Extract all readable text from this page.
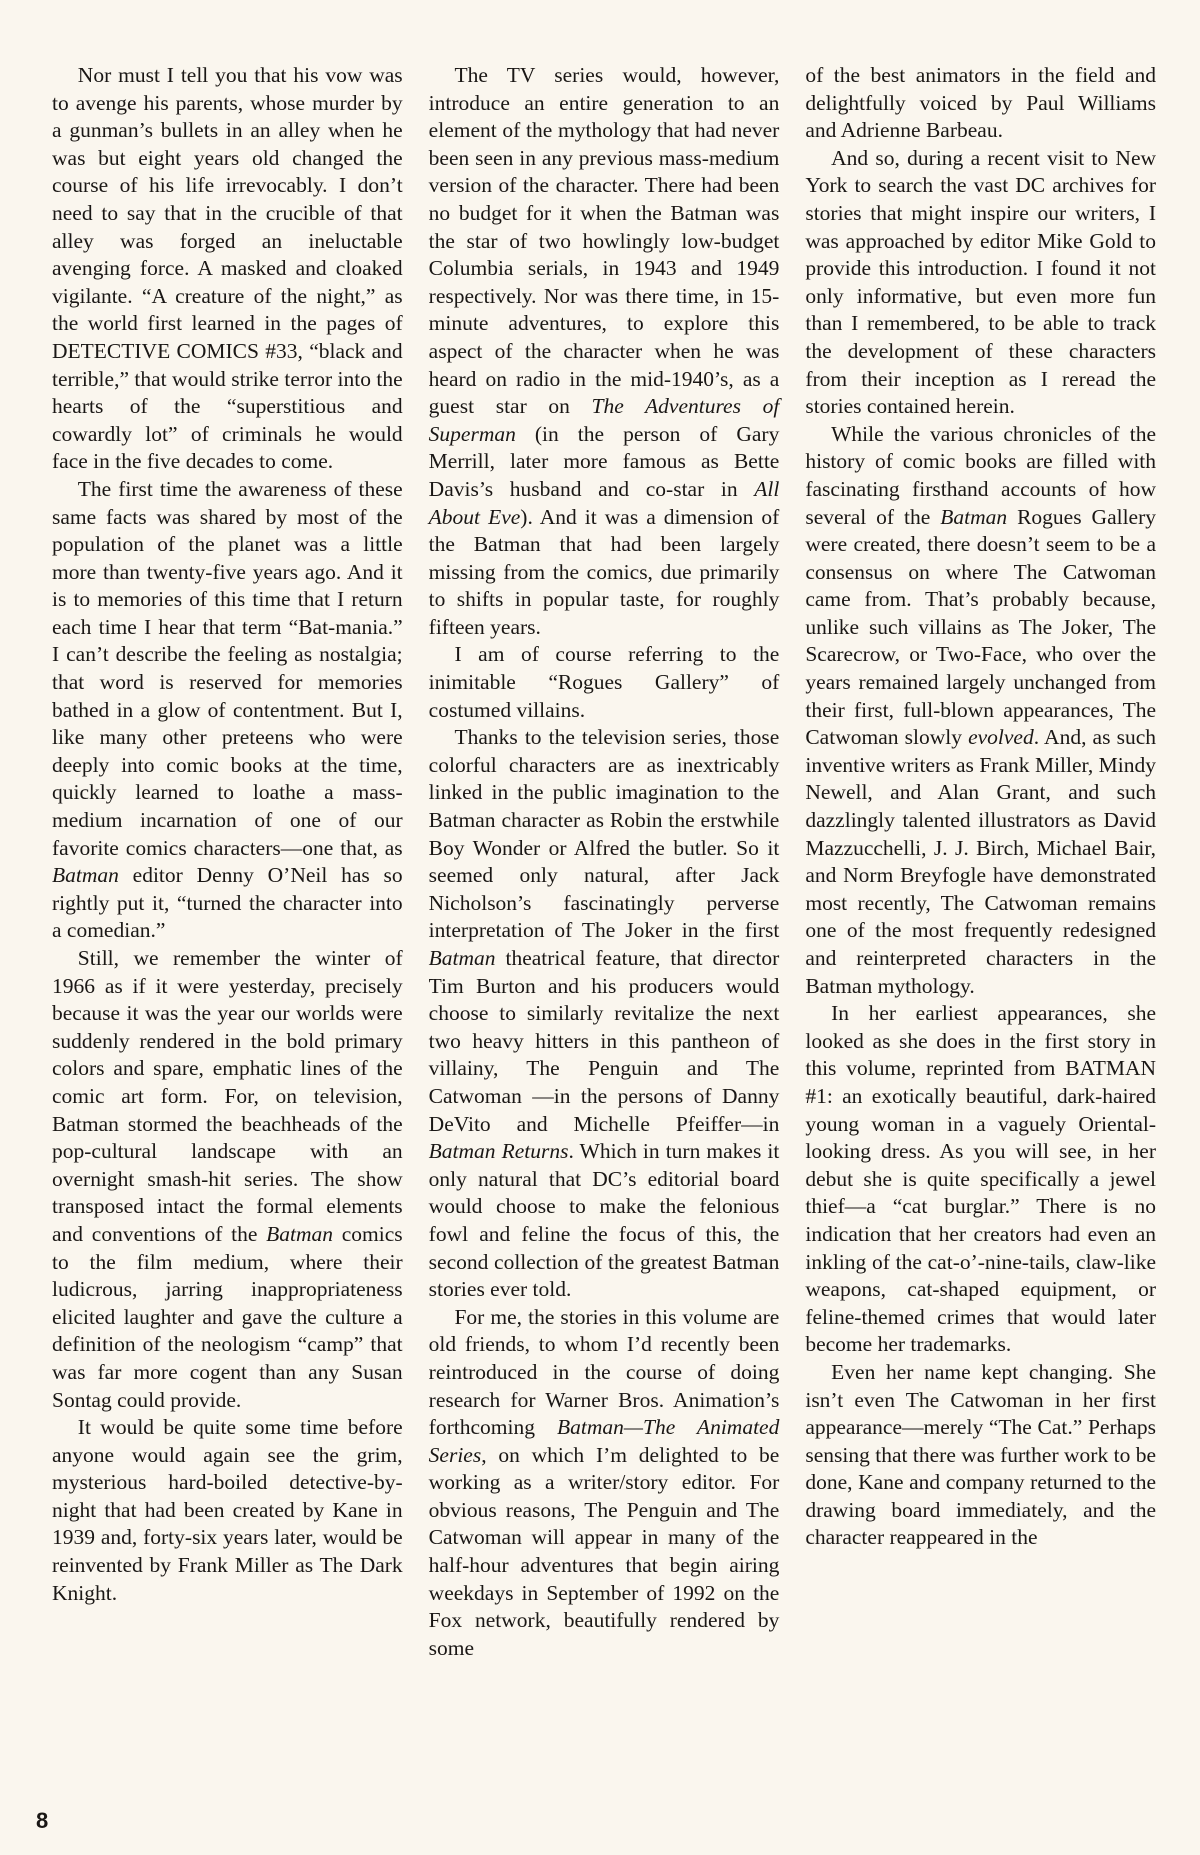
Nor must I tell you that his vow was to avenge his parents, whose murder by a gunman’s bullets in an alley when he was but eight years old changed the course of his life irrevocably. I don’t need to say that in the crucible of that alley was forged an ineluctable avenging force. A masked and cloaked vigilante. “A creature of the night,” as the world first learned in the pages of DETECTIVE COMICS #33, “black and terrible,” that would strike terror into the hearts of the “superstitious and cowardly lot” of criminals he would face in the five decades to come.

The first time the awareness of these same facts was shared by most of the population of the planet was a little more than twenty-five years ago. And it is to memories of this time that I return each time I hear that term “Bat-mania.” I can’t describe the feeling as nostalgia; that word is reserved for memories bathed in a glow of contentment. But I, like many other preteens who were deeply into comic books at the time, quickly learned to loathe a mass-medium incarnation of one of our favorite comics characters—one that, as Batman editor Denny O’Neil has so rightly put it, “turned the character into a comedian.”

Still, we remember the winter of 1966 as if it were yesterday, precisely because it was the year our worlds were suddenly rendered in the bold primary colors and spare, emphatic lines of the comic art form. For, on television, Batman stormed the beachheads of the pop-cultural landscape with an overnight smash-hit series. The show transposed intact the formal elements and conventions of the Batman comics to the film medium, where their ludicrous, jarring inappropriateness elicited laughter and gave the culture a definition of the neologism “camp” that was far more cogent than any Susan Sontag could provide.

It would be quite some time before anyone would again see the grim, mysterious hard-boiled detective-by-night that had been created by Kane in 1939 and, forty-six years later, would be reinvented by Frank Miller as The Dark Knight.

The TV series would, however, introduce an entire generation to an element of the mythology that had never been seen in any previous mass-medium version of the character. There had been no budget for it when the Batman was the star of two howlingly low-budget Columbia serials, in 1943 and 1949 respectively. Nor was there time, in 15-minute adventures, to explore this aspect of the character when he was heard on radio in the mid-1940’s, as a guest star on The Adventures of Superman (in the person of Gary Merrill, later more famous as Bette Davis’s husband and co-star in All About Eve). And it was a dimension of the Batman that had been largely missing from the comics, due primarily to shifts in popular taste, for roughly fifteen years.

I am of course referring to the inimitable “Rogues Gallery” of costumed villains.

Thanks to the television series, those colorful characters are as inextricably linked in the public imagination to the Batman character as Robin the erstwhile Boy Wonder or Alfred the butler. So it seemed only natural, after Jack Nicholson’s fascinatingly perverse interpretation of The Joker in the first Batman theatrical feature, that director Tim Burton and his producers would choose to similarly revitalize the next two heavy hitters in this pantheon of villainy, The Penguin and The Catwoman —in the persons of Danny DeVito and Michelle Pfeiffer—in Batman Returns. Which in turn makes it only natural that DC’s editorial board would choose to make the felonious fowl and feline the focus of this, the second collection of the greatest Batman stories ever told.

For me, the stories in this volume are old friends, to whom I’d recently been reintroduced in the course of doing research for Warner Bros. Animation’s forthcoming Batman—The Animated Series, on which I’m delighted to be working as a writer/story editor. For obvious reasons, The Penguin and The Catwoman will appear in many of the half-hour adventures that begin airing weekdays in September of 1992 on the Fox network, beautifully rendered by some

of the best animators in the field and delightfully voiced by Paul Williams and Adrienne Barbeau.

And so, during a recent visit to New York to search the vast DC archives for stories that might inspire our writers, I was approached by editor Mike Gold to provide this introduction. I found it not only informative, but even more fun than I remembered, to be able to track the development of these characters from their inception as I reread the stories contained herein.

While the various chronicles of the history of comic books are filled with fascinating firsthand accounts of how several of the Batman Rogues Gallery were created, there doesn’t seem to be a consensus on where The Catwoman came from. That’s probably because, unlike such villains as The Joker, The Scarecrow, or Two-Face, who over the years remained largely unchanged from their first, full-blown appearances, The Catwoman slowly evolved. And, as such inventive writers as Frank Miller, Mindy Newell, and Alan Grant, and such dazzlingly talented illustrators as David Mazzucchelli, J. J. Birch, Michael Bair, and Norm Breyfogle have demonstrated most recently, The Catwoman remains one of the most frequently redesigned and reinterpreted characters in the Batman mythology.

In her earliest appearances, she looked as she does in the first story in this volume, reprinted from BATMAN #1: an exotically beautiful, dark-haired young woman in a vaguely Oriental-looking dress. As you will see, in her debut she is quite specifically a jewel thief—a “cat burglar.” There is no indication that her creators had even an inkling of the cat-o’-nine-tails, claw-like weapons, cat-shaped equipment, or feline-themed crimes that would later become her trademarks.

Even her name kept changing. She isn’t even The Catwoman in her first appearance—merely “The Cat.” Perhaps sensing that there was further work to be done, Kane and company returned to the drawing board immediately, and the character reappeared in the

8
